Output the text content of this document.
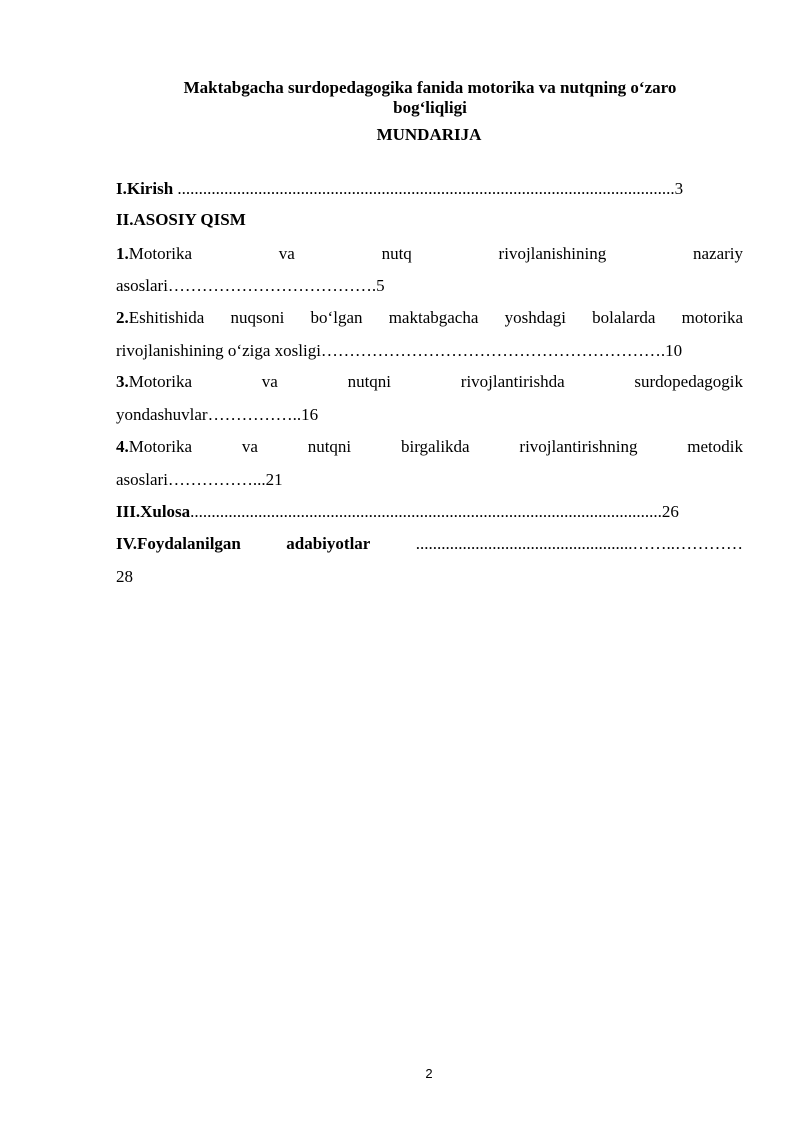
Maktabgacha surdopedagogika fanida motorika va nutqning o‘zaro
bog‘liqligi
MUNDARIJA
I.Kirish .....................................................................................................................3
II.ASOSIY QISM
1.Motorika va nutq rivojlanishining nazariy
asoslari……………………………….5
2.Eshitishida nuqsoni bo‘lgan maktabgacha yoshdagi bolalarda motorika
rivojlanishining o‘ziga xosligi…………………………………………………….10
3.Motorika va nutqni rivojlantirishda surdopedagogik
yondashuvlar……………..16
4.Motorika va nutqni birgalikda rivojlantirishning metodik
asoslari……………...21
III.Xulosa...............................................................................................................26
IV.Foydalanilgan adabiyotlar ...................................................……..…………
28
2
